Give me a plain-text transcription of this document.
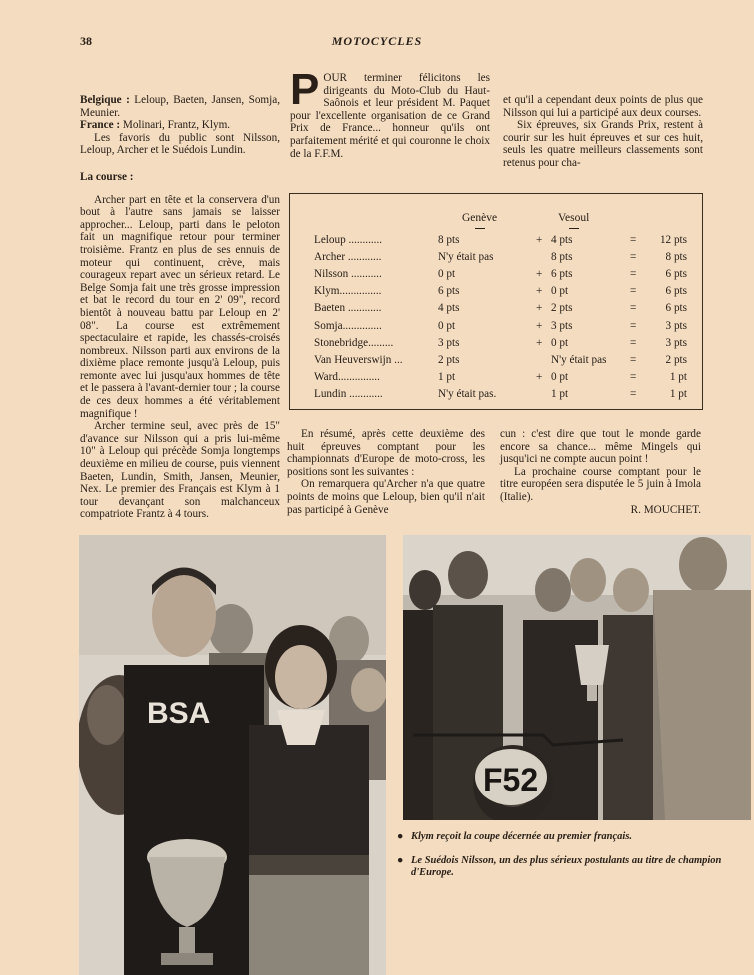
38	MOTOCYCLES

Belgique : Leloup, Baeten, Jansen, Somja, Meunier.

France : Molinari, Frantz, Klym.

Les favoris du public sont Nilsson, Leloup, Archer et le Suédois Lundin.

La course :

Archer part en tête et la conservera d'un bout à l'autre sans jamais se laisser approcher... Leloup, parti dans le peloton fait un magnifique retour pour terminer troisième. Frantz en plus de ses ennuis de moteur qui continuent, crève, mais courageux repart avec un sérieux retard. Le Belge Somja fait une très grosse impression et bat le record du tour en 2' 09", record bientôt à nouveau battu par Leloup en 2' 08". La course est extrêmement spectaculaire et rapide, les chassés-croisés nombreux. Nilsson parti aux environs de la dixième place remonte jusqu'à Leloup, puis remonte avec lui jusqu'aux hommes de tête et le passera à l'avant-dernier tour ; la course de ces deux hommes a été véritablement magnifique !

Archer termine seul, avec près de 15" d'avance sur Nilsson qui a pris lui-même 10" à Leloup qui précède Somja longtemps deuxième en milieu de course, puis viennent Baeten, Lundin, Smith, Jansen, Meunier, Nex. Le premier des Français est Klym à 1 tour devançant son malchanceux compatriote Frantz à 4 tours.

POUR terminer félicitons les dirigeants du Moto-Club du Haut-Saônois et leur président M. Paquet pour l'excellente organisation de ce Grand Prix de France... honneur qu'ils ont parfaitement mérité et qui couronne le choix de la F.F.M.

et qu'il a cependant deux points de plus que Nilsson qui lui a participé aux deux courses.

Six épreuves, six Grands Prix, restent à courir sur les huit épreuves et sur ces huit, seuls les quatre meilleurs classements sont retenus pour cha-

Genève	Vesoul
Leloup ............	8 pts	+ 4 pts	=	12 pts
Archer ............	N'y était pas	8 pts	=	8 pts
Nilsson ...........	0 pt	+ 6 pts	=	6 pts
Klym...............	6 pts	+ 0 pt	=	6 pts
Baeten ............	4 pts	+ 2 pts	=	6 pts
Somja..............	0 pt	+ 3 pts	=	3 pts
Stonebridge.........	3 pts	+ 0 pt	=	3 pts
Van Heuverswijn ...	2 pts	N'y était pas =	2 pts
Ward...............	1 pt	+ 0 pt	=	1 pt
Lundin ............	N'y était pas.	1 pt	=	1 pt

En résumé, après cette deuxième des huit épreuves comptant pour les championnats d'Europe de moto-cross, les positions sont les suivantes :

On remarquera qu'Archer n'a que quatre points de moins que Leloup, bien qu'il n'ait pas participé à Genève

cun : c'est dire que tout le monde garde encore sa chance... même Mingels qui jusqu'ici ne compte aucun point !

La prochaine course comptant pour le titre européen sera disputée le 5 juin à Imola (Italie).

R. MOUCHET.

BSA
F52
● Klym reçoit la coupe décernée au premier français.
● Le Suédois Nilsson, un des plus sérieux postulants au titre de champion d'Europe.
